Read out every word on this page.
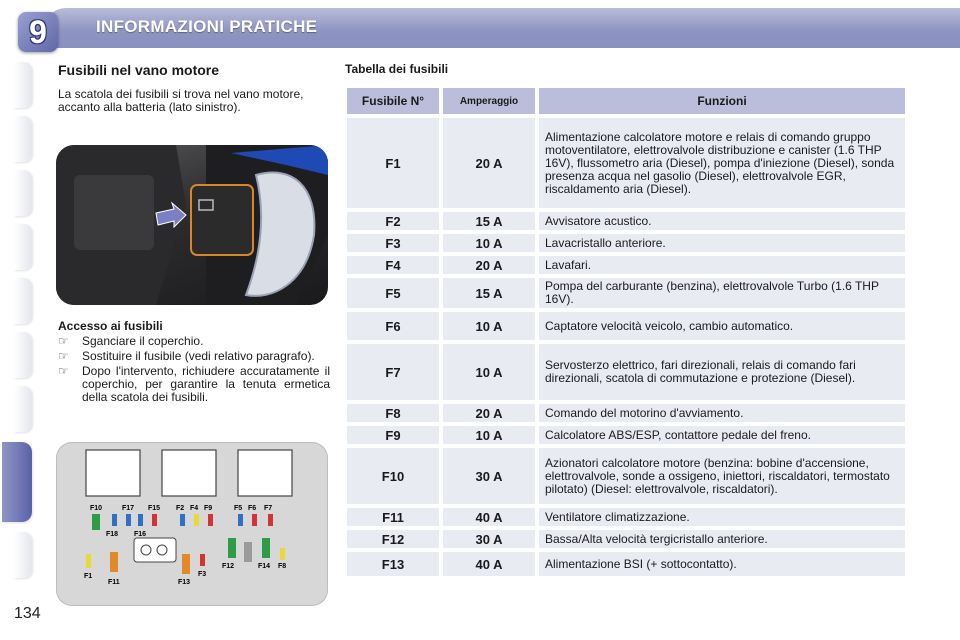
9	INFORMAZIONI PRATICHE
Fusibili nel vano motore
La scatola dei fusibili si trova nel vano motore, accanto alla batteria (lato sinistro).
Accesso ai fusibili
☞ Sganciare il coperchio.
☞ Sostituire il fusibile (vedi relativo paragrafo).
☞ Dopo l'intervento, richiudere accuratamente il coperchio, per garantire la tenuta ermetica della scatola dei fusibili.
F10	F17 F15 F2 F4 F9	F5 F6 F7
F18 F16
F1
F11	F13
F3
F12	F14 F8
Tabella dei fusibili
Fusibile N°	Amperaggio	Funzioni
F1	20 A	Alimentazione calcolatore motore e relais di comando gruppo motoventilatore, elettrovalvole distribuzione e canister (1.6 THP 16V), flussometro aria (Diesel), pompa d'iniezione (Diesel), sonda presenza acqua nel gasolio (Diesel), elettrovalvole EGR, riscaldamento aria (Diesel).
F2	15 A	Avvisatore acustico.
F3	10 A	Lavacristallo anteriore.
F4	20 A	Lavafari.
F5	15 A	Pompa del carburante (benzina), elettrovalvole Turbo (1.6 THP 16V).
F6	10 A	Captatore velocità veicolo, cambio automatico.
F7	10 A	Servosterzo elettrico, fari direzionali, relais di comando fari direzionali, scatola di commutazione e protezione (Diesel).
F8	20 A	Comando del motorino d'avviamento.
F9	10 A	Calcolatore ABS/ESP, contattore pedale del freno.
F10	30 A	Azionatori calcolatore motore (benzina: bobine d'accensione, elettrovalvole, sonde a ossigeno, iniettori, riscaldatori, termostato pilotato) (Diesel: elettrovalvole, riscaldatori).
F11	40 A	Ventilatore climatizzazione.
F12	30 A	Bassa/Alta velocità tergicristallo anteriore.
F13	40 A	Alimentazione BSI (+ sottocontatto).
134
